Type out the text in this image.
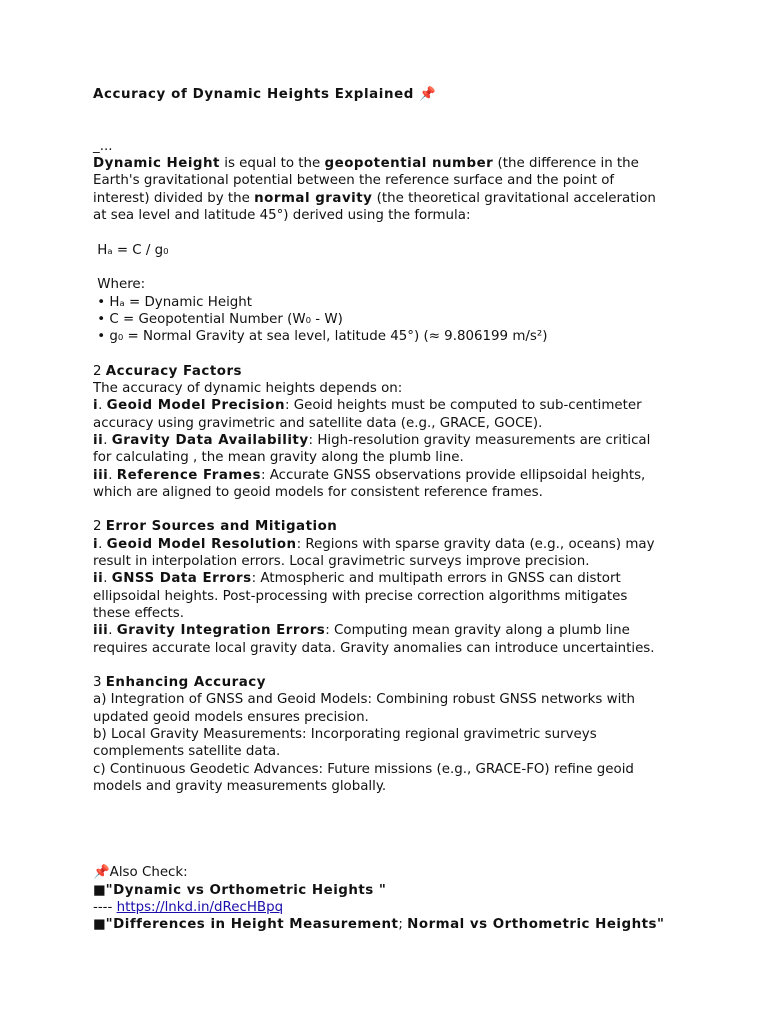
Accuracy of Dynamic Heights Explained 📌
_...
Dynamic Height is equal to the geopotential number (the difference in the
Earth's gravitational potential between the reference surface and the point of
interest) divided by the normal gravity (the theoretical gravitational acceleration
at sea level and latitude 45°) derived using the formula:
Hₐ = C / g₀
Where:
• Hₐ = Dynamic Height
• C = Geopotential Number (W₀ - W)
• g₀ = Normal Gravity at sea level, latitude 45°) (≈ 9.806199 m/s²)
2 Accuracy Factors
The accuracy of dynamic heights depends on:
i. Geoid Model Precision: Geoid heights must be computed to sub-centimeter
accuracy using gravimetric and satellite data (e.g., GRACE, GOCE).
ii. Gravity Data Availability: High-resolution gravity measurements are critical
for calculating , the mean gravity along the plumb line.
iii. Reference Frames: Accurate GNSS observations provide ellipsoidal heights,
which are aligned to geoid models for consistent reference frames.
2 Error Sources and Mitigation
i. Geoid Model Resolution: Regions with sparse gravity data (e.g., oceans) may
result in interpolation errors. Local gravimetric surveys improve precision.
ii. GNSS Data Errors: Atmospheric and multipath errors in GNSS can distort
ellipsoidal heights. Post-processing with precise correction algorithms mitigates
these effects.
iii. Gravity Integration Errors: Computing mean gravity along a plumb line
requires accurate local gravity data. Gravity anomalies can introduce uncertainties.
3 Enhancing Accuracy
a) Integration of GNSS and Geoid Models: Combining robust GNSS networks with
updated geoid models ensures precision.
b) Local Gravity Measurements: Incorporating regional gravimetric surveys
complements satellite data.
c) Continuous Geodetic Advances: Future missions (e.g., GRACE-FO) refine geoid
models and gravity measurements globally.
📌Also Check:
■"Dynamic vs Orthometric Heights "
---- https://lnkd.in/dRecHBpq
■"Differences in Height Measurement; Normal vs Orthometric Heights"
